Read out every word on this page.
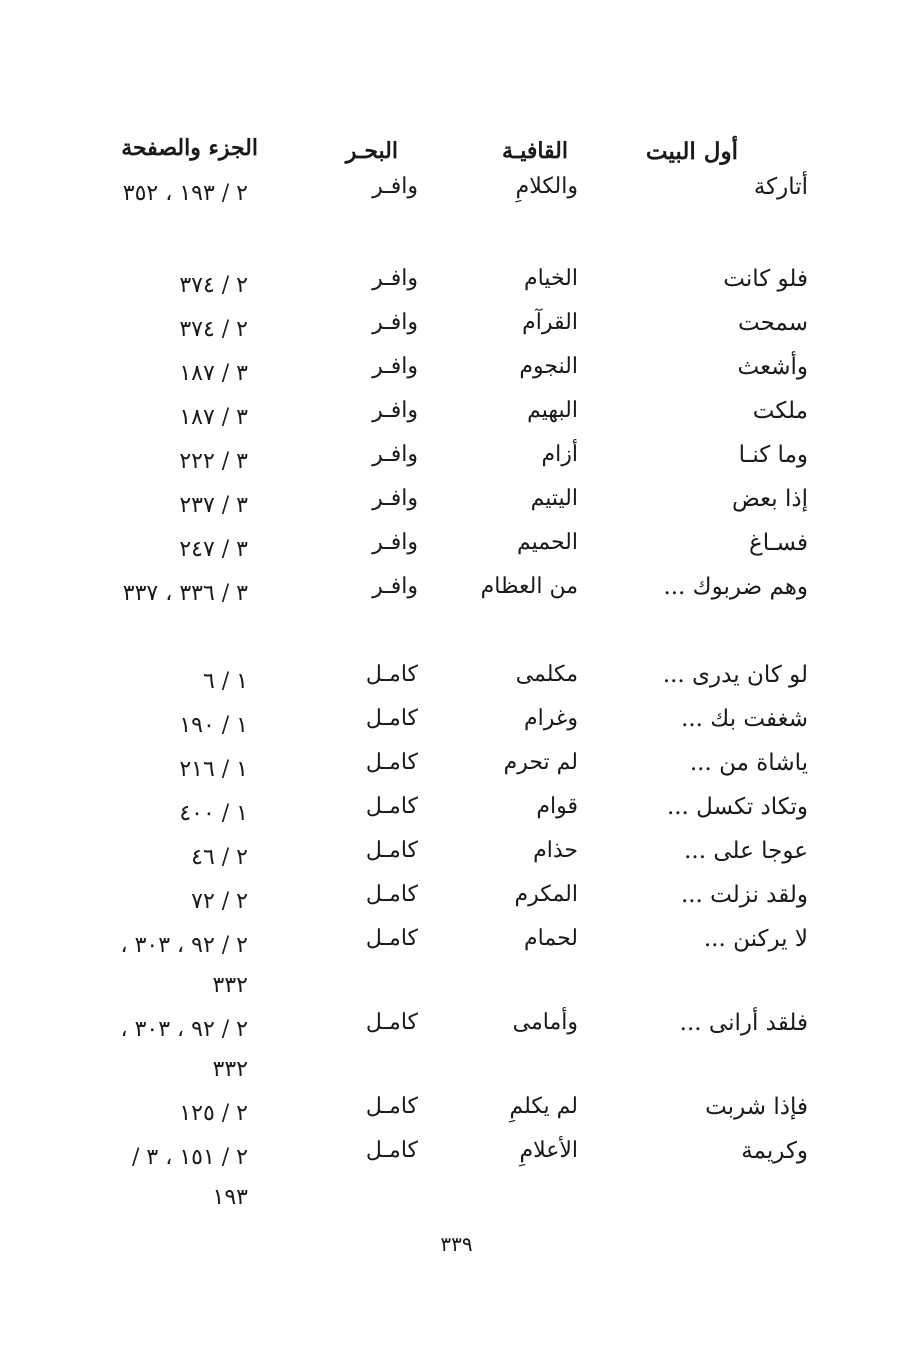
أول البيت
القافيـة
البحـر
الجزء والصفحة
أتاركة
والكلامِ
وافـر
٢ / ١٩٣ ، ٣٥٢
فلو كانت
الخيام
وافـر
٢ / ٣٧٤
سمحت
القرآم
وافـر
٢ / ٣٧٤
وأشعث
النجوم
وافـر
٣ / ١٨٧
ملكت
البهيم
وافـر
٣ / ١٨٧
وما كنـا
أزام
وافـر
٣ / ٢٢٢
إذا بعض
اليتيم
وافـر
٣ / ٢٣٧
فسـاغ
الحميم
وافـر
٣ / ٢٤٧
وهم ضربوك ...
من العظام
وافـر
٣ / ٣٣٦ ، ٣٣٧
لو كان يدرى ...
مكلمى
كامـل
١ / ٦
شغفت بك ...
وغرام
كامـل
١ / ١٩٠
ياشاة من ...
لم تحرم
كامـل
١ / ٢١٦
وتكاد تكسل ...
قوام
كامـل
١ / ٤٠٠
عوجا على ...
حذام
كامـل
٢ / ٤٦
ولقد نزلت ...
المكرم
كامـل
٢ / ٧٢
لا يركنن ...
لحمام
كامـل
٢ / ٩٢ ، ٣٠٣ ، ٣٣٢
فلقد أرانى ...
وأمامى
كامـل
٢ / ٩٢ ، ٣٠٣ ، ٣٣٢
فإذا شربت
لم يكلمِ
كامـل
٢ / ١٢٥
وكريمة
الأعلامِ
كامـل
٢ / ١٥١ ، ٣ / ١٩٣
٣٣٩
